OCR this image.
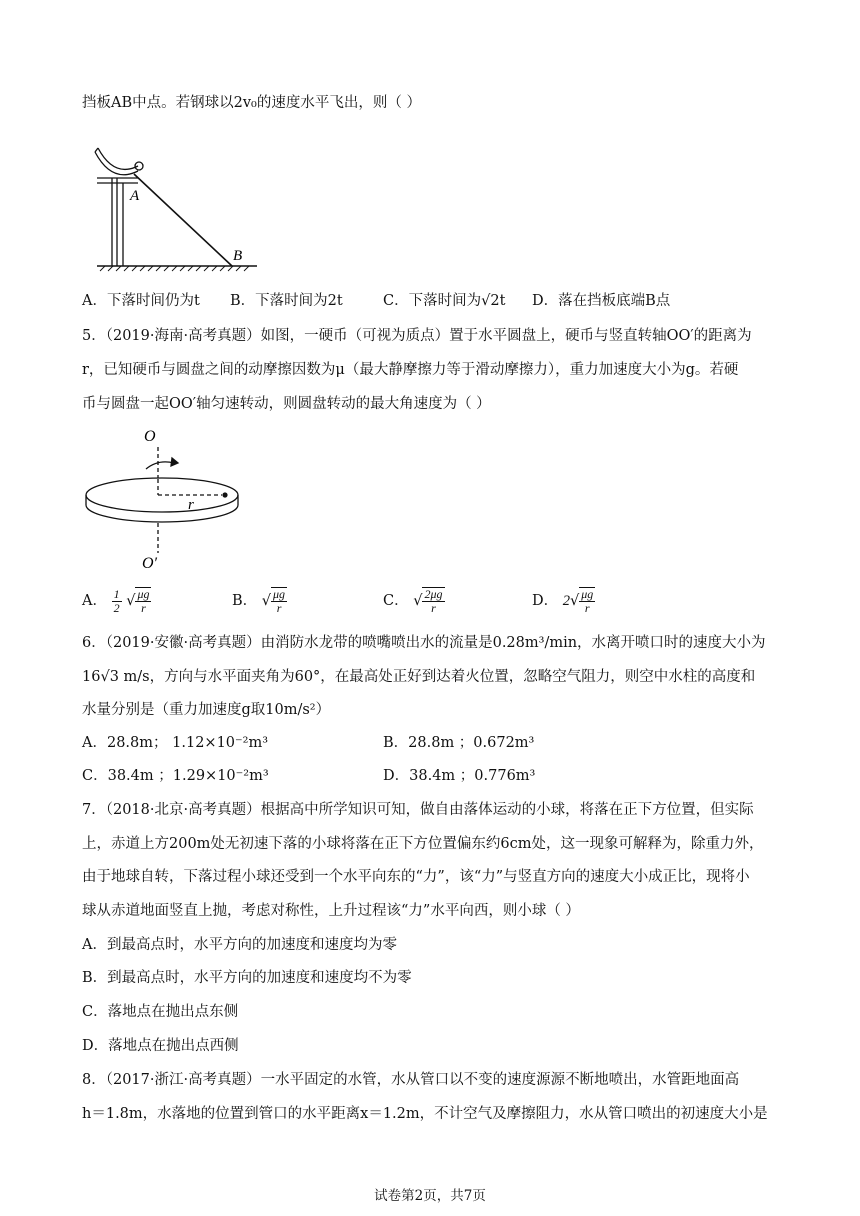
挡板AB中点。若钢球以2v₀的速度水平飞出，则（ ）
A
B
A．下落时间仍为t B．下落时间为2t	C．下落时间为√2t D．落在挡板底端B点
5．（2019·海南·高考真题）如图，一硬币（可视为质点）置于水平圆盘上，硬币与竖直转轴OO′的距离为
r，已知硬币与圆盘之间的动摩擦因数为μ（最大静摩擦力等于滑动摩擦力），重力加速度大小为g。若硬
币与圆盘一起OO′轴匀速转动，则圆盘转动的最大角速度为（ ）
O
r
O′
A． $\frac{1}{2}$ √ $\frac{\mu g}{r}$	B． √ $\frac{\mu g}{r}$	C． √ $\frac{2\mu g}{r}$	D． $2√ \frac{\mu g}{r}$
6．（2019·安徽·高考真题）由消防水龙带的喷嘴喷出水的流量是0.28m³/min，水离开喷口时的速度大小为
16√3 m/s，方向与水平面夹角为60°，在最高处正好到达着火位置，忽略空气阻力，则空中水柱的高度和
水量分别是（重力加速度g取10m/s²）
A．28.8m； 1.12×10⁻²m³	B．28.8m ；0.672m³
C．38.4m ；1.29×10⁻²m³	D．38.4m ；0.776m³
7．（2018·北京·高考真题）根据高中所学知识可知，做自由落体运动的小球，将落在正下方位置，但实际
上，赤道上方200m处无初速下落的小球将落在正下方位置偏东约6cm处，这一现象可解释为，除重力外，
由于地球自转，下落过程小球还受到一个水平向东的“力”，该“力”与竖直方向的速度大小成正比，现将小
球从赤道地面竖直上抛，考虑对称性，上升过程该“力”水平向西，则小球（ ）
A．到最高点时，水平方向的加速度和速度均为零
B．到最高点时，水平方向的加速度和速度均不为零
C．落地点在抛出点东侧
D．落地点在抛出点西侧
8．（2017·浙江·高考真题）一水平固定的水管，水从管口以不变的速度源源不断地喷出，水管距地面高
h＝1.8m，水落地的位置到管口的水平距离x＝1.2m，不计空气及摩擦阻力，水从管口喷出的初速度大小是
试卷第2页，共7页
